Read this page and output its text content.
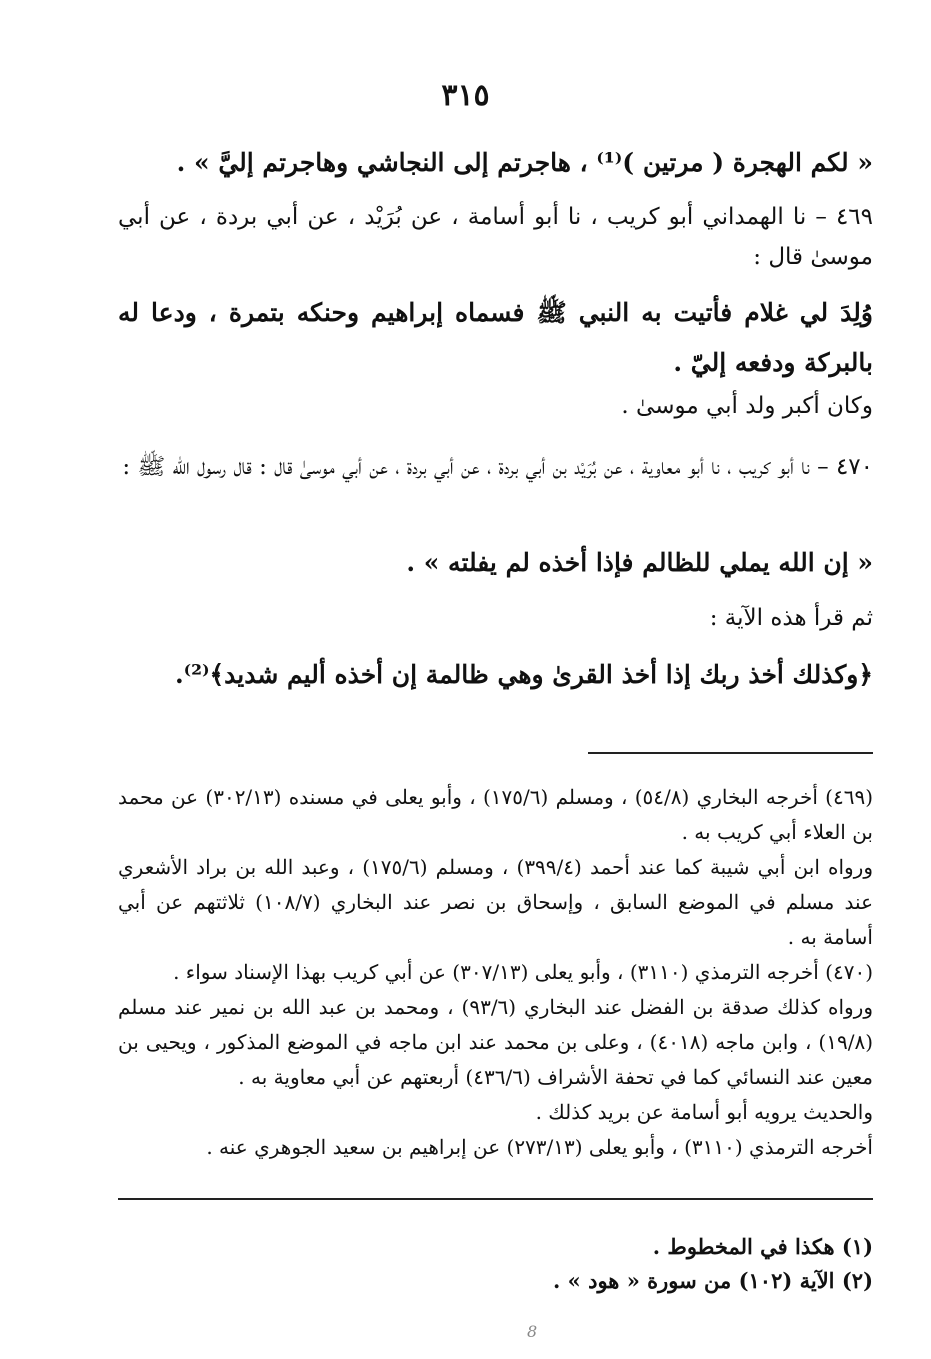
٣١٥

« لكم الهجرة ( مرتين )⁽¹⁾ ، هاجرتم إلى النجاشي وهاجرتم إليَّ » .

٤٦٩ – نا الهمداني أبو كريب ، نا أبو أسامة ، عن بُرَيْد ، عن أبي بردة ، عن أبي موسىٰ قال :

وُلِدَ لي غلام فأتيت به النبي ﷺ فسماه إبراهيم وحنكه بتمرة ، ودعا له بالبركة ودفعه إليّ .

وكان أكبر ولد أبي موسىٰ .

٤٧٠ – نا أبو كريب ، نا أبو معاوية ، عن بُرَيْد بن أبي بردة ، عن أبي بردة ، عن أبي موسىٰ قال : قال رسول الله ﷺ :

« إن الله يملي للظالم فإذا أخذه لم يفلته » .

ثم قرأ هذه الآية :

﴿وكذلك أخذ ربك إذا أخذ القرىٰ وهي ظالمة إن أخذه أليم شديد﴾⁽²⁾.

(٤٦٩) أخرجه البخاري (٥٤/٨) ، ومسلم (١٧٥/٦) ، وأبو يعلى في مسنده (٣٠٢/١٣) عن محمد بن العلاء أبي كريب به .

ورواه ابن أبي شيبة كما عند أحمد (٣٩٩/٤) ، ومسلم (١٧٥/٦) ، وعبد الله بن براد الأشعري عند مسلم في الموضع السابق ، وإسحاق بن نصر عند البخاري (١٠٨/٧) ثلاثتهم عن أبي أسامة به .

(٤٧٠) أخرجه الترمذي (٣١١٠) ، وأبو يعلى (٣٠٧/١٣) عن أبي كريب بهذا الإسناد سواء .

ورواه كذلك صدقة بن الفضل عند البخاري (٩٣/٦) ، ومحمد بن عبد الله بن نمير عند مسلم (١٩/٨) ، وابن ماجه (٤٠١٨) ، وعلى بن محمد عند ابن ماجه في الموضع المذكور ، ويحيى بن معين عند النسائي كما في تحفة الأشراف (٤٣٦/٦) أربعتهم عن أبي معاوية به .

والحديث يرويه أبو أسامة عن بريد كذلك .

أخرجه الترمذي (٣١١٠) ، وأبو يعلى (٢٧٣/١٣) عن إبراهيم بن سعيد الجوهري عنه .

(١) هكذا في المخطوط .

(٢) الآية (١٠٢) من سورة « هود » .

8
